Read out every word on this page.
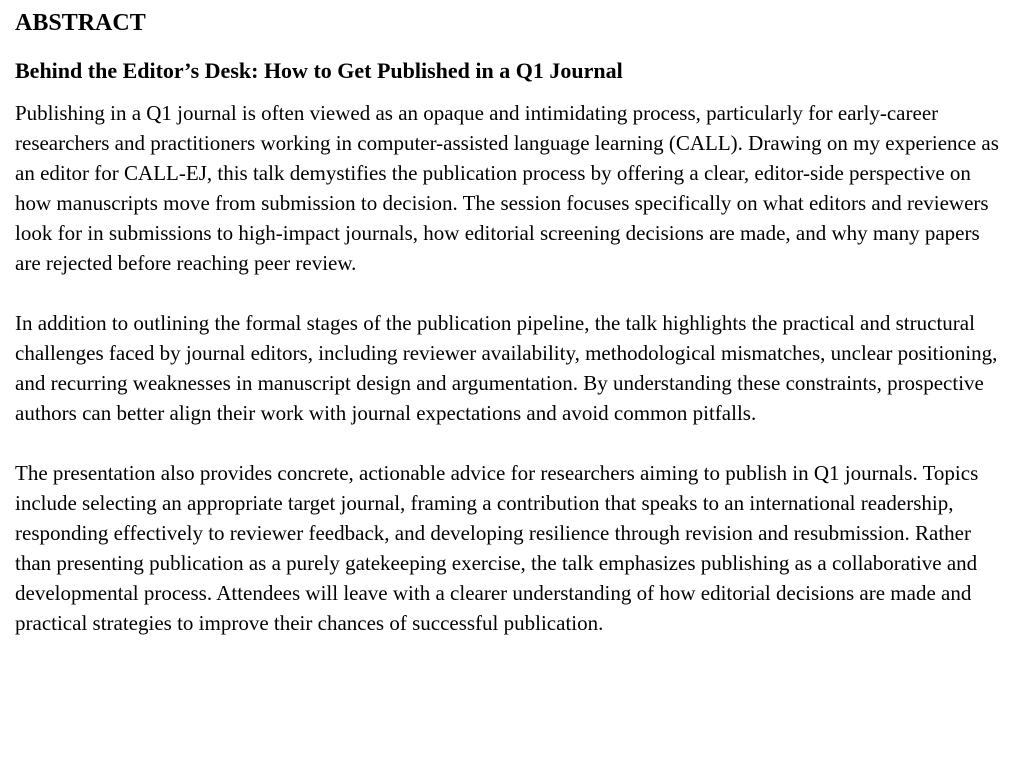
ABSTRACT
Behind the Editor’s Desk: How to Get Published in a Q1 Journal

Publishing in a Q1 journal is often viewed as an opaque and intimidating process, particularly for early-career researchers and practitioners working in computer-assisted language learning (CALL). Drawing on my experience as an editor for CALL-EJ, this talk demystifies the publication process by offering a clear, editor-side perspective on how manuscripts move from submission to decision. The session focuses specifically on what editors and reviewers look for in submissions to high-impact journals, how editorial screening decisions are made, and why many papers are rejected before reaching peer review.

In addition to outlining the formal stages of the publication pipeline, the talk highlights the practical and structural challenges faced by journal editors, including reviewer availability, methodological mismatches, unclear positioning, and recurring weaknesses in manuscript design and argumentation. By understanding these constraints, prospective authors can better align their work with journal expectations and avoid common pitfalls.

The presentation also provides concrete, actionable advice for researchers aiming to publish in Q1 journals. Topics include selecting an appropriate target journal, framing a contribution that speaks to an international readership, responding effectively to reviewer feedback, and developing resilience through revision and resubmission. Rather than presenting publication as a purely gatekeeping exercise, the talk emphasizes publishing as a collaborative and developmental process. Attendees will leave with a clearer understanding of how editorial decisions are made and practical strategies to improve their chances of successful publication.
